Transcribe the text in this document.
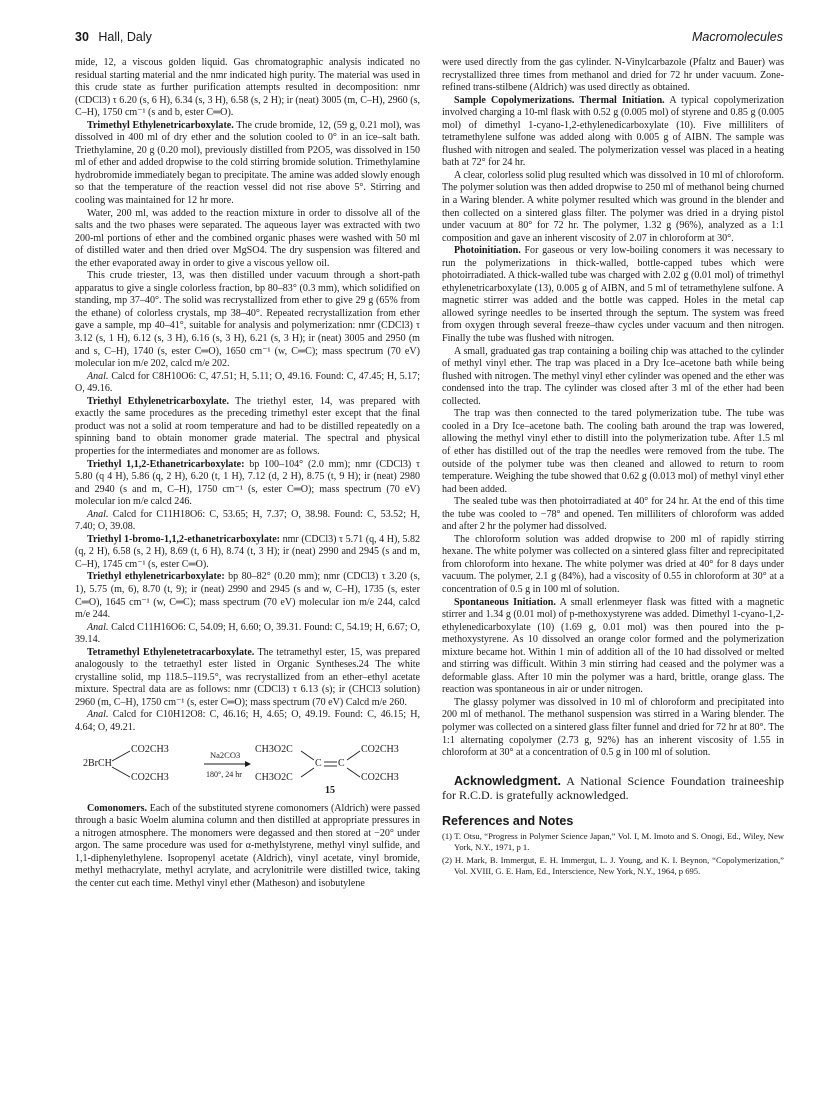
30 Hall, Daly	Macromolecules

mide, 12, a viscous golden liquid. Gas chromatographic analysis indicated no residual starting material and the nmr indicated high purity. The material was used in this crude state as further purification attempts resulted in decomposition: nmr (CDCl3) τ 6.20 (s, 6 H), 6.34 (s, 3 H), 6.58 (s, 2 H); ir (neat) 3005 (m, C–H), 2960 (s, C–H), 1750 cm⁻¹ (s and b, ester C═O).

Trimethyl Ethylenetricarboxylate. The crude bromide, 12, (59 g, 0.21 mol), was dissolved in 400 ml of dry ether and the solution cooled to 0° in an ice–salt bath. Triethylamine, 20 g (0.20 mol), previously distilled from P2O5, was dissolved in 150 ml of ether and added dropwise to the cold stirring bromide solution. Trimethylamine hydrobromide immediately began to precipitate. The amine was added slowly enough so that the temperature of the reaction vessel did not rise above 5°. Stirring and cooling was maintained for 12 hr more.

Water, 200 ml, was added to the reaction mixture in order to dissolve all of the salts and the two phases were separated. The aqueous layer was extracted with two 200-ml portions of ether and the combined organic phases were washed with 50 ml of distilled water and then dried over MgSO4. The dry suspension was filtered and the ether evaporated away in order to give a viscous yellow oil.

This crude triester, 13, was then distilled under vacuum through a short-path apparatus to give a single colorless fraction, bp 80–83° (0.3 mm), which solidified on standing, mp 37–40°. The solid was recrystallized from ether to give 29 g (65% from the ethane) of colorless crystals, mp 38–40°. Repeated recrystallization from ether gave a sample, mp 40–41°, suitable for analysis and polymerization: nmr (CDCl3) τ 3.12 (s, 1 H), 6.12 (s, 3 H), 6.16 (s, 3 H), 6.21 (s, 3 H); ir (neat) 3005 and 2950 (m and s, C–H), 1740 (s, ester C═O), 1650 cm⁻¹ (w, C═C); mass spectrum (70 eV) molecular ion m/e 202, calcd m/e 202.

Anal. Calcd for C8H10O6: C, 47.51; H, 5.11; O, 49.16. Found: C, 47.45; H, 5.17; O, 49.16.

Triethyl Ethylenetricarboxylate. The triethyl ester, 14, was prepared with exactly the same procedures as the preceding trimethyl ester except that the final product was not a solid at room temperature and had to be distilled repeatedly on a spinning band to obtain monomer grade material. The spectral and physical properties for the intermediates and monomer are as follows.

Triethyl 1,1,2-Ethanetricarboxylate: bp 100–104° (2.0 mm); nmr (CDCl3) τ 5.80 (q 4 H), 5.86 (q, 2 H), 6.20 (t, 1 H), 7.12 (d, 2 H), 8.75 (t, 9 H); ir (neat) 2980 and 2940 (s and m, C–H), 1750 cm⁻¹ (s, ester C═O); mass spectrum (70 eV) molecular ion m/e calcd 246.

Anal. Calcd for C11H18O6: C, 53.65; H, 7.37; O, 38.98. Found: C, 53.52; H, 7.40; O, 39.08.

Triethyl 1-bromo-1,1,2-ethanetricarboxylate: nmr (CDCl3) τ 5.71 (q, 4 H), 5.82 (q, 2 H), 6.58 (s, 2 H), 8.69 (t, 6 H), 8.74 (t, 3 H); ir (neat) 2990 and 2945 (s and m, C–H), 1745 cm⁻¹ (s, ester C═O).

Triethyl ethylenetricarboxylate: bp 80–82° (0.20 mm); nmr (CDCl3) τ 3.20 (s, 1), 5.75 (m, 6), 8.70 (t, 9); ir (neat) 2990 and 2945 (s and w, C–H), 1735 (s, ester C═O), 1645 cm⁻¹ (w, C═C); mass spectrum (70 eV) molecular ion m/e 244, calcd m/e 244.

Anal. Calcd C11H16O6: C, 54.09; H, 6.60; O, 39.31. Found: C, 54.19; H, 6.67; O, 39.14.

Tetramethyl Ethylenetetracarboxylate. The tetramethyl ester, 15, was prepared analogously to the tetraethyl ester listed in Organic Syntheses.24 The white crystalline solid, mp 118.5–119.5°, was recrystallized from an ether–ethyl acetate mixture. Spectral data are as follows: nmr (CDCl3) τ 6.13 (s); ir (CHCl3 solution) 2960 (m, C–H), 1750 cm⁻¹ (s, ester C═O); mass spectrum (70 eV) Calcd m/e 260.

Anal. Calcd for C10H12O8: C, 46.16; H, 4.65; O, 49.19. Found: C, 46.15; H, 4.64; O, 49.21.

2BrCH
CO2CH3
CO2CH3
Na2CO3
180°, 24 hr
CH3O2C
CH3O2C
C C
CO2CH3
CO2CH3
15

Comonomers. Each of the substituted styrene comonomers (Aldrich) were passed through a basic Woelm alumina column and then distilled at appropriate pressures in a nitrogen atmosphere. The monomers were degassed and then stored at −20° under argon. The same procedure was used for α-methylstyrene, methyl vinyl sulfide, and 1,1-diphenylethylene. Isopropenyl acetate (Aldrich), vinyl acetate, vinyl bromide, methyl methacrylate, methyl acrylate, and acrylonitrile were distilled twice, taking the center cut each time. Methyl vinyl ether (Matheson) and isobutylene

were used directly from the gas cylinder. N-Vinylcarbazole (Pfaltz and Bauer) was recrystallized three times from methanol and dried for 72 hr under vacuum. Zone-refined trans-stilbene (Aldrich) was used directly as obtained.

Sample Copolymerizations. Thermal Initiation. A typical copolymerization involved charging a 10-ml flask with 0.52 g (0.005 mol) of styrene and 0.85 g (0.005 mol) of dimethyl 1-cyano-1,2-ethylenedicarboxylate (10). Five milliliters of tetramethylene sulfone was added along with 0.005 g of AIBN. The sample was flushed with nitrogen and sealed. The polymerization vessel was placed in a heating bath at 72° for 24 hr.

A clear, colorless solid plug resulted which was dissolved in 10 ml of chloroform. The polymer solution was then added dropwise to 250 ml of methanol being churned in a Waring blender. A white polymer resulted which was ground in the blender and then collected on a sintered glass filter. The polymer was dried in a drying pistol under vacuum at 80° for 72 hr. The polymer, 1.32 g (96%), analyzed as a 1:1 composition and gave an inherent viscosity of 2.07 in chloroform at 30°.

Photoinitiation. For gaseous or very low-boiling conomers it was necessary to run the polymerizations in thick-walled, bottle-capped tubes which were photoirradiated. A thick-walled tube was charged with 2.02 g (0.01 mol) of trimethyl ethylenetricarboxylate (13), 0.005 g of AIBN, and 5 ml of tetramethylene sulfone. A magnetic stirrer was added and the bottle was capped. Holes in the metal cap allowed syringe needles to be inserted through the septum. The system was freed from oxygen through several freeze–thaw cycles under vacuum and then nitrogen. Finally the tube was flushed with nitrogen.

A small, graduated gas trap containing a boiling chip was attached to the cylinder of methyl vinyl ether. The trap was placed in a Dry Ice–acetone bath while being flushed with nitrogen. The methyl vinyl ether cylinder was opened and the ether was condensed into the trap. The cylinder was closed after 3 ml of the ether had been collected.

The trap was then connected to the tared polymerization tube. The tube was cooled in a Dry Ice–acetone bath. The cooling bath around the trap was lowered, allowing the methyl vinyl ether to distill into the polymerization tube. After 1.5 ml of ether has distilled out of the trap the needles were removed from the tube. The outside of the polymer tube was then cleaned and allowed to return to room temperature. Weighing the tube showed that 0.62 g (0.013 mol) of methyl vinyl ether had been added.

The sealed tube was then photoirradiated at 40° for 24 hr. At the end of this time the tube was cooled to −78° and opened. Ten milliliters of chloroform was added and after 2 hr the polymer had dissolved.

The chloroform solution was added dropwise to 200 ml of rapidly stirring hexane. The white polymer was collected on a sintered glass filter and reprecipitated from chloroform into hexane. The white polymer was dried at 40° for 8 days under vacuum. The polymer, 2.1 g (84%), had a viscosity of 0.55 in chloroform at 30° at a concentration of 0.5 g in 100 ml of solution.

Spontaneous Initiation. A small erlenmeyer flask was fitted with a magnetic stirrer and 1.34 g (0.01 mol) of p-methoxystyrene was added. Dimethyl 1-cyano-1,2-ethylenedicarboxylate (10) (1.69 g, 0.01 mol) was then poured into the p-methoxystyrene. As 10 dissolved an orange color formed and the polymerization mixture became hot. Within 1 min of addition all of the 10 had dissolved or melted and stirring was difficult. Within 3 min stirring had ceased and the polymer was a deformable glass. After 10 min the polymer was a hard, brittle, orange glass. The reaction was spontaneous in air or under nitrogen.

The glassy polymer was dissolved in 10 ml of chloroform and precipitated into 200 ml of methanol. The methanol suspension was stirred in a Waring blender. The polymer was collected on a sintered glass filter funnel and dried for 72 hr at 80°. The 1:1 alternating copolymer (2.73 g, 92%) has an inherent viscosity of 1.55 in chloroform at 30° at a concentration of 0.5 g in 100 ml of solution.

Acknowledgment. A National Science Foundation traineeship for R.C.D. is gratefully acknowledged.
References and Notes
(1) T. Otsu, “Progress in Polymer Science Japan,” Vol. I, M. Imoto and S. Onogi, Ed., Wiley, New York, N.Y., 1971, p 1.
(2) H. Mark, B. Immergut, E. H. Immergut, L. J. Young, and K. I. Beynon, “Copolymerization,” Vol. XVIII, G. E. Ham, Ed., Interscience, New York, N.Y., 1964, p 695.
